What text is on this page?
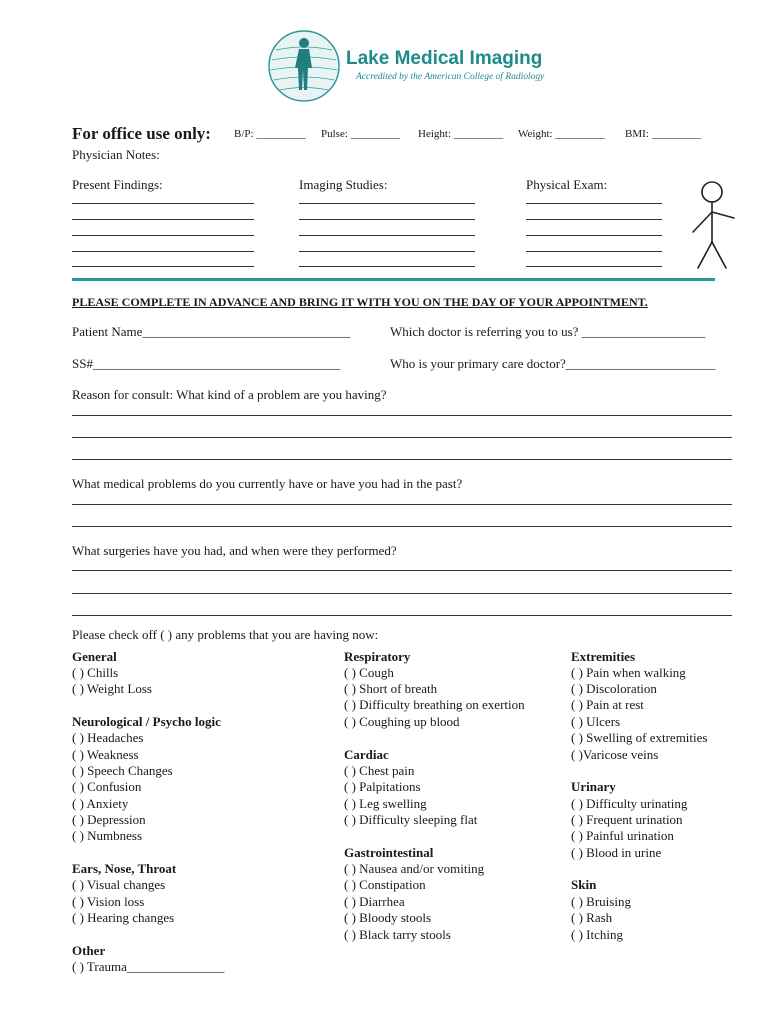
Lake Medical Imaging
Accredited by the American College of Radiology
For office use only: B/P: _________ Pulse: _________ Height: _________ Weight: _________ BMI: _________
Physician Notes:
Present Findings:	Imaging Studies:	Physical Exam:
PLEASE COMPLETE IN ADVANCE AND BRING IT WITH YOU ON THE DAY OF YOUR APPOINTMENT.
Patient Name________________________________	Which doctor is referring you to us? ___________________
SS#______________________________________	Who is your primary care doctor?_______________________
Reason for consult: What kind of a problem are you having?
What medical problems do you currently have or have you had in the past?
What surgeries have you had, and when were they performed?
Please check off ( ) any problems that you are having now:
General
( ) Chills
( ) Weight Loss
Neurological / Psycho logic
( ) Headaches
( ) Weakness
( ) Speech Changes
( ) Confusion
( ) Anxiety
( ) Depression
( ) Numbness
Ears, Nose, Throat
( ) Visual changes
( ) Vision loss
( ) Hearing changes
Other
( ) Trauma_______________
Respiratory
( ) Cough
( ) Short of breath
( ) Difficulty breathing on exertion
( ) Coughing up blood
Cardiac
( ) Chest pain
( ) Palpitations
( ) Leg swelling
( ) Difficulty sleeping flat
Gastrointestinal
( ) Nausea and/or vomiting
( ) Constipation
( ) Diarrhea
( ) Bloody stools
( ) Black tarry stools
Extremities
( ) Pain when walking
( ) Discoloration
( ) Pain at rest
( ) Ulcers
( ) Swelling of extremities
( )Varicose veins
Urinary
( ) Difficulty urinating
( ) Frequent urination
( ) Painful urination
( ) Blood in urine
Skin
( ) Bruising
( ) Rash
( ) Itching
